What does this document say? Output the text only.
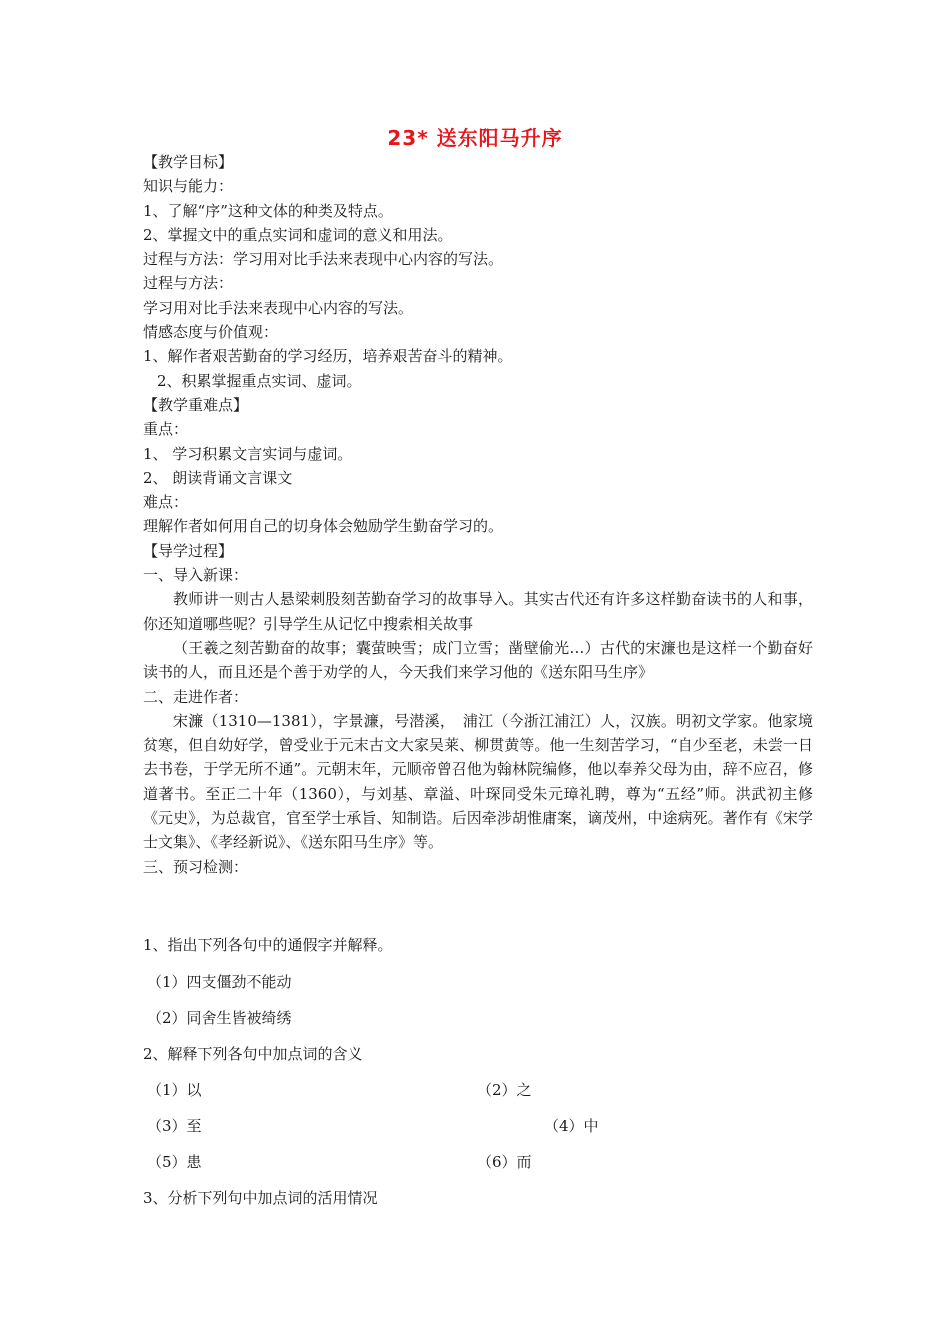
23* 送东阳马升序

【教学目标】

知识与能力：

1、了解“序”这种文体的种类及特点。

2、掌握文中的重点实词和虚词的意义和用法。

过程与方法：学习用对比手法来表现中心内容的写法。

过程与方法：

学习用对比手法来表现中心内容的写法。

情感态度与价值观：

1、解作者艰苦勤奋的学习经历，培养艰苦奋斗的精神。

2、积累掌握重点实词、虚词。

【教学重难点】

重点：

1、 学习积累文言实词与虚词。

2、 朗读背诵文言课文

难点：

理解作者如何用自己的切身体会勉励学生勤奋学习的。

【导学过程】

一、导入新课：

教师讲一则古人悬梁刺股刻苦勤奋学习的故事导入。其实古代还有许多这样勤奋读书的人和事，你还知道哪些呢？引导学生从记忆中搜索相关故事

（王羲之刻苦勤奋的故事；囊萤映雪；成门立雪；凿壁偷光…）古代的宋濂也是这样一个勤奋好读书的人，而且还是个善于劝学的人，今天我们来学习他的《送东阳马生序》

二、走进作者：

宋濂（1310—1381），字景濂，号潜溪，　浦江（今浙江浦江）人，汉族。明初文学家。他家境贫寒，但自幼好学，曾受业于元末古文大家吴莱、柳贯黄等。他一生刻苦学习，“自少至老，未尝一日去书卷，于学无所不通”。元朝末年，元顺帝曾召他为翰林院编修，他以奉养父母为由，辞不应召，修道著书。至正二十年（1360），与刘基、章溢、叶琛同受朱元璋礼聘，尊为“五经”师。洪武初主修《元史》，为总裁官，官至学士承旨、知制诰。后因牵涉胡惟庸案，谪茂州，中途病死。著作有《宋学士文集》、《孝经新说》、《送东阳马生序》等。

三、预习检测：

1、指出下列各句中的通假字并解释。
（1）四支僵劲不能动
（2）同舍生皆被绮绣
2、解释下列各句中加点词的含义
（1）以	（2）之
（3）至	（4）中
（5）患	（6）而
3、分析下列句中加点词的活用情况
